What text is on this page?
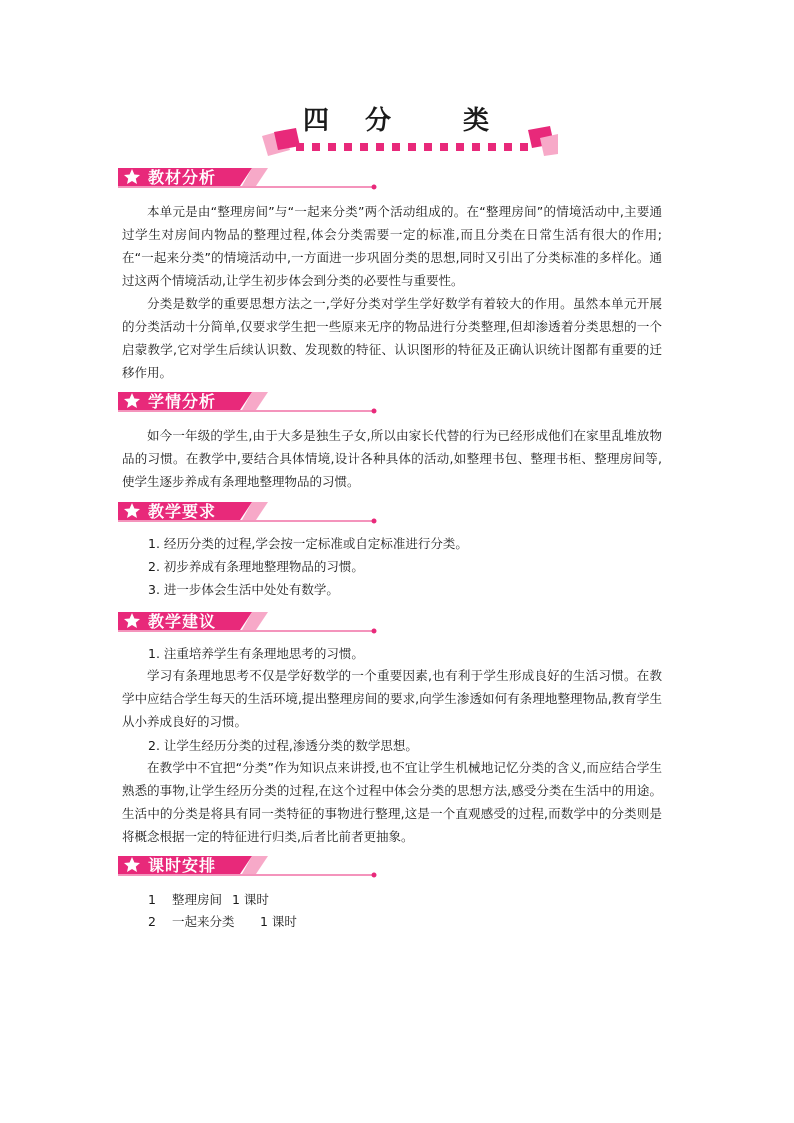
四 分	类
教材分析
本单元是由“整理房间”与“一起来分类”两个活动组成的。在“整理房间”的情境活动中,主要通过学生对房间内物品的整理过程,体会分类需要一定的标准,而且分类在日常生活有很大的作用;在“一起来分类”的情境活动中,一方面进一步巩固分类的思想,同时又引出了分类标准的多样化。通过这两个情境活动,让学生初步体会到分类的必要性与重要性。
分类是数学的重要思想方法之一,学好分类对学生学好数学有着较大的作用。虽然本单元开展的分类活动十分简单,仅要求学生把一些原来无序的物品进行分类整理,但却渗透着分类思想的一个启蒙教学,它对学生后续认识数、发现数的特征、认识图形的特征及正确认识统计图都有重要的迁移作用。
学情分析
如今一年级的学生,由于大多是独生子女,所以由家长代替的行为已经形成他们在家里乱堆放物品的习惯。在教学中,要结合具体情境,设计各种具体的活动,如整理书包、整理书柜、整理房间等,使学生逐步养成有条理地整理物品的习惯。
教学要求
1. 经历分类的过程,学会按一定标准或自定标准进行分类。
2. 初步养成有条理地整理物品的习惯。
3. 进一步体会生活中处处有数学。
教学建议
1. 注重培养学生有条理地思考的习惯。
学习有条理地思考不仅是学好数学的一个重要因素,也有利于学生形成良好的生活习惯。在教学中应结合学生每天的生活环境,提出整理房间的要求,向学生渗透如何有条理地整理物品,教育学生从小养成良好的习惯。
2. 让学生经历分类的过程,渗透分类的数学思想。
在教学中不宜把“分类”作为知识点来讲授,也不宜让学生机械地记忆分类的含义,而应结合学生熟悉的事物,让学生经历分类的过程,在这个过程中体会分类的思想方法,感受分类在生活中的用途。生活中的分类是将具有同一类特征的事物进行整理,这是一个直观感受的过程,而数学中的分类则是将概念根据一定的特征进行归类,后者比前者更抽象。
课时安排
1 整理房间 1 课时
2 一起来分类 1 课时
